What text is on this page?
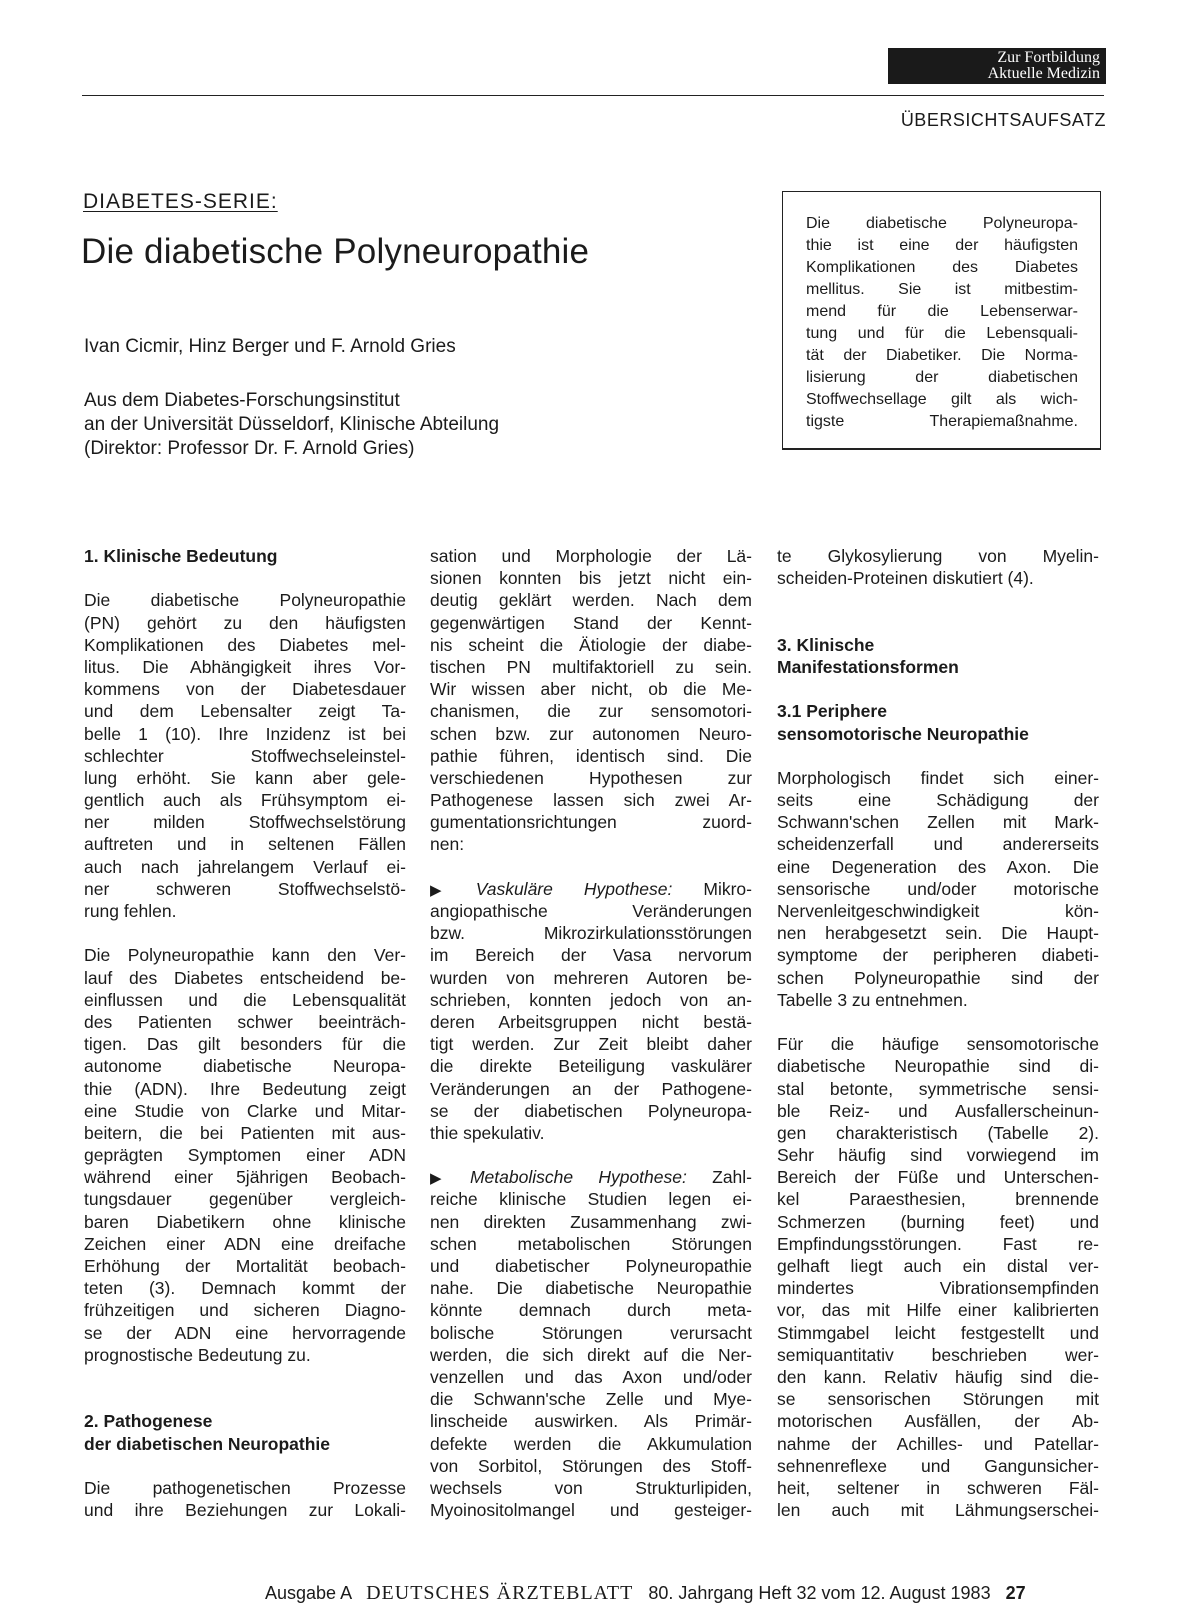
Zur Fortbildung
Aktuelle Medizin
ÜBERSICHTSAUFSATZ
DIABETES-SERIE:
Die diabetische Polyneuropathie
Ivan Cicmir, Hinz Berger und F. Arnold Gries
Aus dem Diabetes-Forschungsinstitut
an der Universität Düsseldorf, Klinische Abteilung
(Direktor: Professor Dr. F. Arnold Gries)
Die diabetische Polyneuropa-
thie ist eine der häufigsten
Komplikationen des Diabetes
mellitus. Sie ist mitbestim-
mend für die Lebenserwar-
tung und für die Lebensquali-
tät der Diabetiker. Die Norma-
lisierung der diabetischen
Stoffwechsellage gilt als wich-
tigste Therapiemaßnahme.
1. Klinische Bedeutung
Die diabetische Polyneuropathie
(PN) gehört zu den häufigsten
Komplikationen des Diabetes mel-
litus. Die Abhängigkeit ihres Vor-
kommens von der Diabetesdauer
und dem Lebensalter zeigt Ta-
belle 1 (10). Ihre Inzidenz ist bei
schlechter Stoffwechseleinstel-
lung erhöht. Sie kann aber gele-
gentlich auch als Frühsymptom ei-
ner milden Stoffwechselstörung
auftreten und in seltenen Fällen
auch nach jahrelangem Verlauf ei-
ner schweren Stoffwechselstö-
rung fehlen.
Die Polyneuropathie kann den Ver-
lauf des Diabetes entscheidend be-
einflussen und die Lebensqualität
des Patienten schwer beeinträch-
tigen. Das gilt besonders für die
autonome diabetische Neuropa-
thie (ADN). Ihre Bedeutung zeigt
eine Studie von Clarke und Mitar-
beitern, die bei Patienten mit aus-
geprägten Symptomen einer ADN
während einer 5jährigen Beobach-
tungsdauer gegenüber vergleich-
baren Diabetikern ohne klinische
Zeichen einer ADN eine dreifache
Erhöhung der Mortalität beobach-
teten (3). Demnach kommt der
frühzeitigen und sicheren Diagno-
se der ADN eine hervorragende
prognostische Bedeutung zu.
2. Pathogenese
der diabetischen Neuropathie
Die pathogenetischen Prozesse
und ihre Beziehungen zur Lokali-
sation und Morphologie der Lä-
sionen konnten bis jetzt nicht ein-
deutig geklärt werden. Nach dem
gegenwärtigen Stand der Kennt-
nis scheint die Ätiologie der diabe-
tischen PN multifaktoriell zu sein.
Wir wissen aber nicht, ob die Me-
chanismen, die zur sensomotori-
schen bzw. zur autonomen Neuro-
pathie führen, identisch sind. Die
verschiedenen Hypothesen zur
Pathogenese lassen sich zwei Ar-
gumentationsrichtungen zuord-
nen:
▶ Vaskuläre Hypothese: Mikro-
angiopathische Veränderungen
bzw. Mikrozirkulationsstörungen
im Bereich der Vasa nervorum
wurden von mehreren Autoren be-
schrieben, konnten jedoch von an-
deren Arbeitsgruppen nicht bestä-
tigt werden. Zur Zeit bleibt daher
die direkte Beteiligung vaskulärer
Veränderungen an der Pathogene-
se der diabetischen Polyneuropa-
thie spekulativ.
▶ Metabolische Hypothese: Zahl-
reiche klinische Studien legen ei-
nen direkten Zusammenhang zwi-
schen metabolischen Störungen
und diabetischer Polyneuropathie
nahe. Die diabetische Neuropathie
könnte demnach durch meta-
bolische Störungen verursacht
werden, die sich direkt auf die Ner-
venzellen und das Axon und/oder
die Schwann'sche Zelle und Mye-
linscheide auswirken. Als Primär-
defekte werden die Akkumulation
von Sorbitol, Störungen des Stoff-
wechsels von Strukturlipiden,
Myoinositolmangel und gesteiger-
te Glykosylierung von Myelin-
scheiden-Proteinen diskutiert (4).
3. Klinische
Manifestationsformen
3.1 Periphere
sensomotorische Neuropathie
Morphologisch findet sich einer-
seits eine Schädigung der
Schwann'schen Zellen mit Mark-
scheidenzerfall und andererseits
eine Degeneration des Axon. Die
sensorische und/oder motorische
Nervenleitgeschwindigkeit kön-
nen herabgesetzt sein. Die Haupt-
symptome der peripheren diabeti-
schen Polyneuropathie sind der
Tabelle 3 zu entnehmen.
Für die häufige sensomotorische
diabetische Neuropathie sind di-
stal betonte, symmetrische sensi-
ble Reiz- und Ausfallerscheinun-
gen charakteristisch (Tabelle 2).
Sehr häufig sind vorwiegend im
Bereich der Füße und Unterschen-
kel Paraesthesien, brennende
Schmerzen (burning feet) und
Empfindungsstörungen. Fast re-
gelhaft liegt auch ein distal ver-
mindertes Vibrationsempfinden
vor, das mit Hilfe einer kalibrierten
Stimmgabel leicht festgestellt und
semiquantitativ beschrieben wer-
den kann. Relativ häufig sind die-
se sensorischen Störungen mit
motorischen Ausfällen, der Ab-
nahme der Achilles- und Patellar-
sehnenreflexe und Gangunsicher-
heit, seltener in schweren Fäl-
len auch mit Lähmungserschei-
Ausgabe A DEUTSCHES ÄRZTEBLATT 80. Jahrgang Heft 32 vom 12. August 1983 27
